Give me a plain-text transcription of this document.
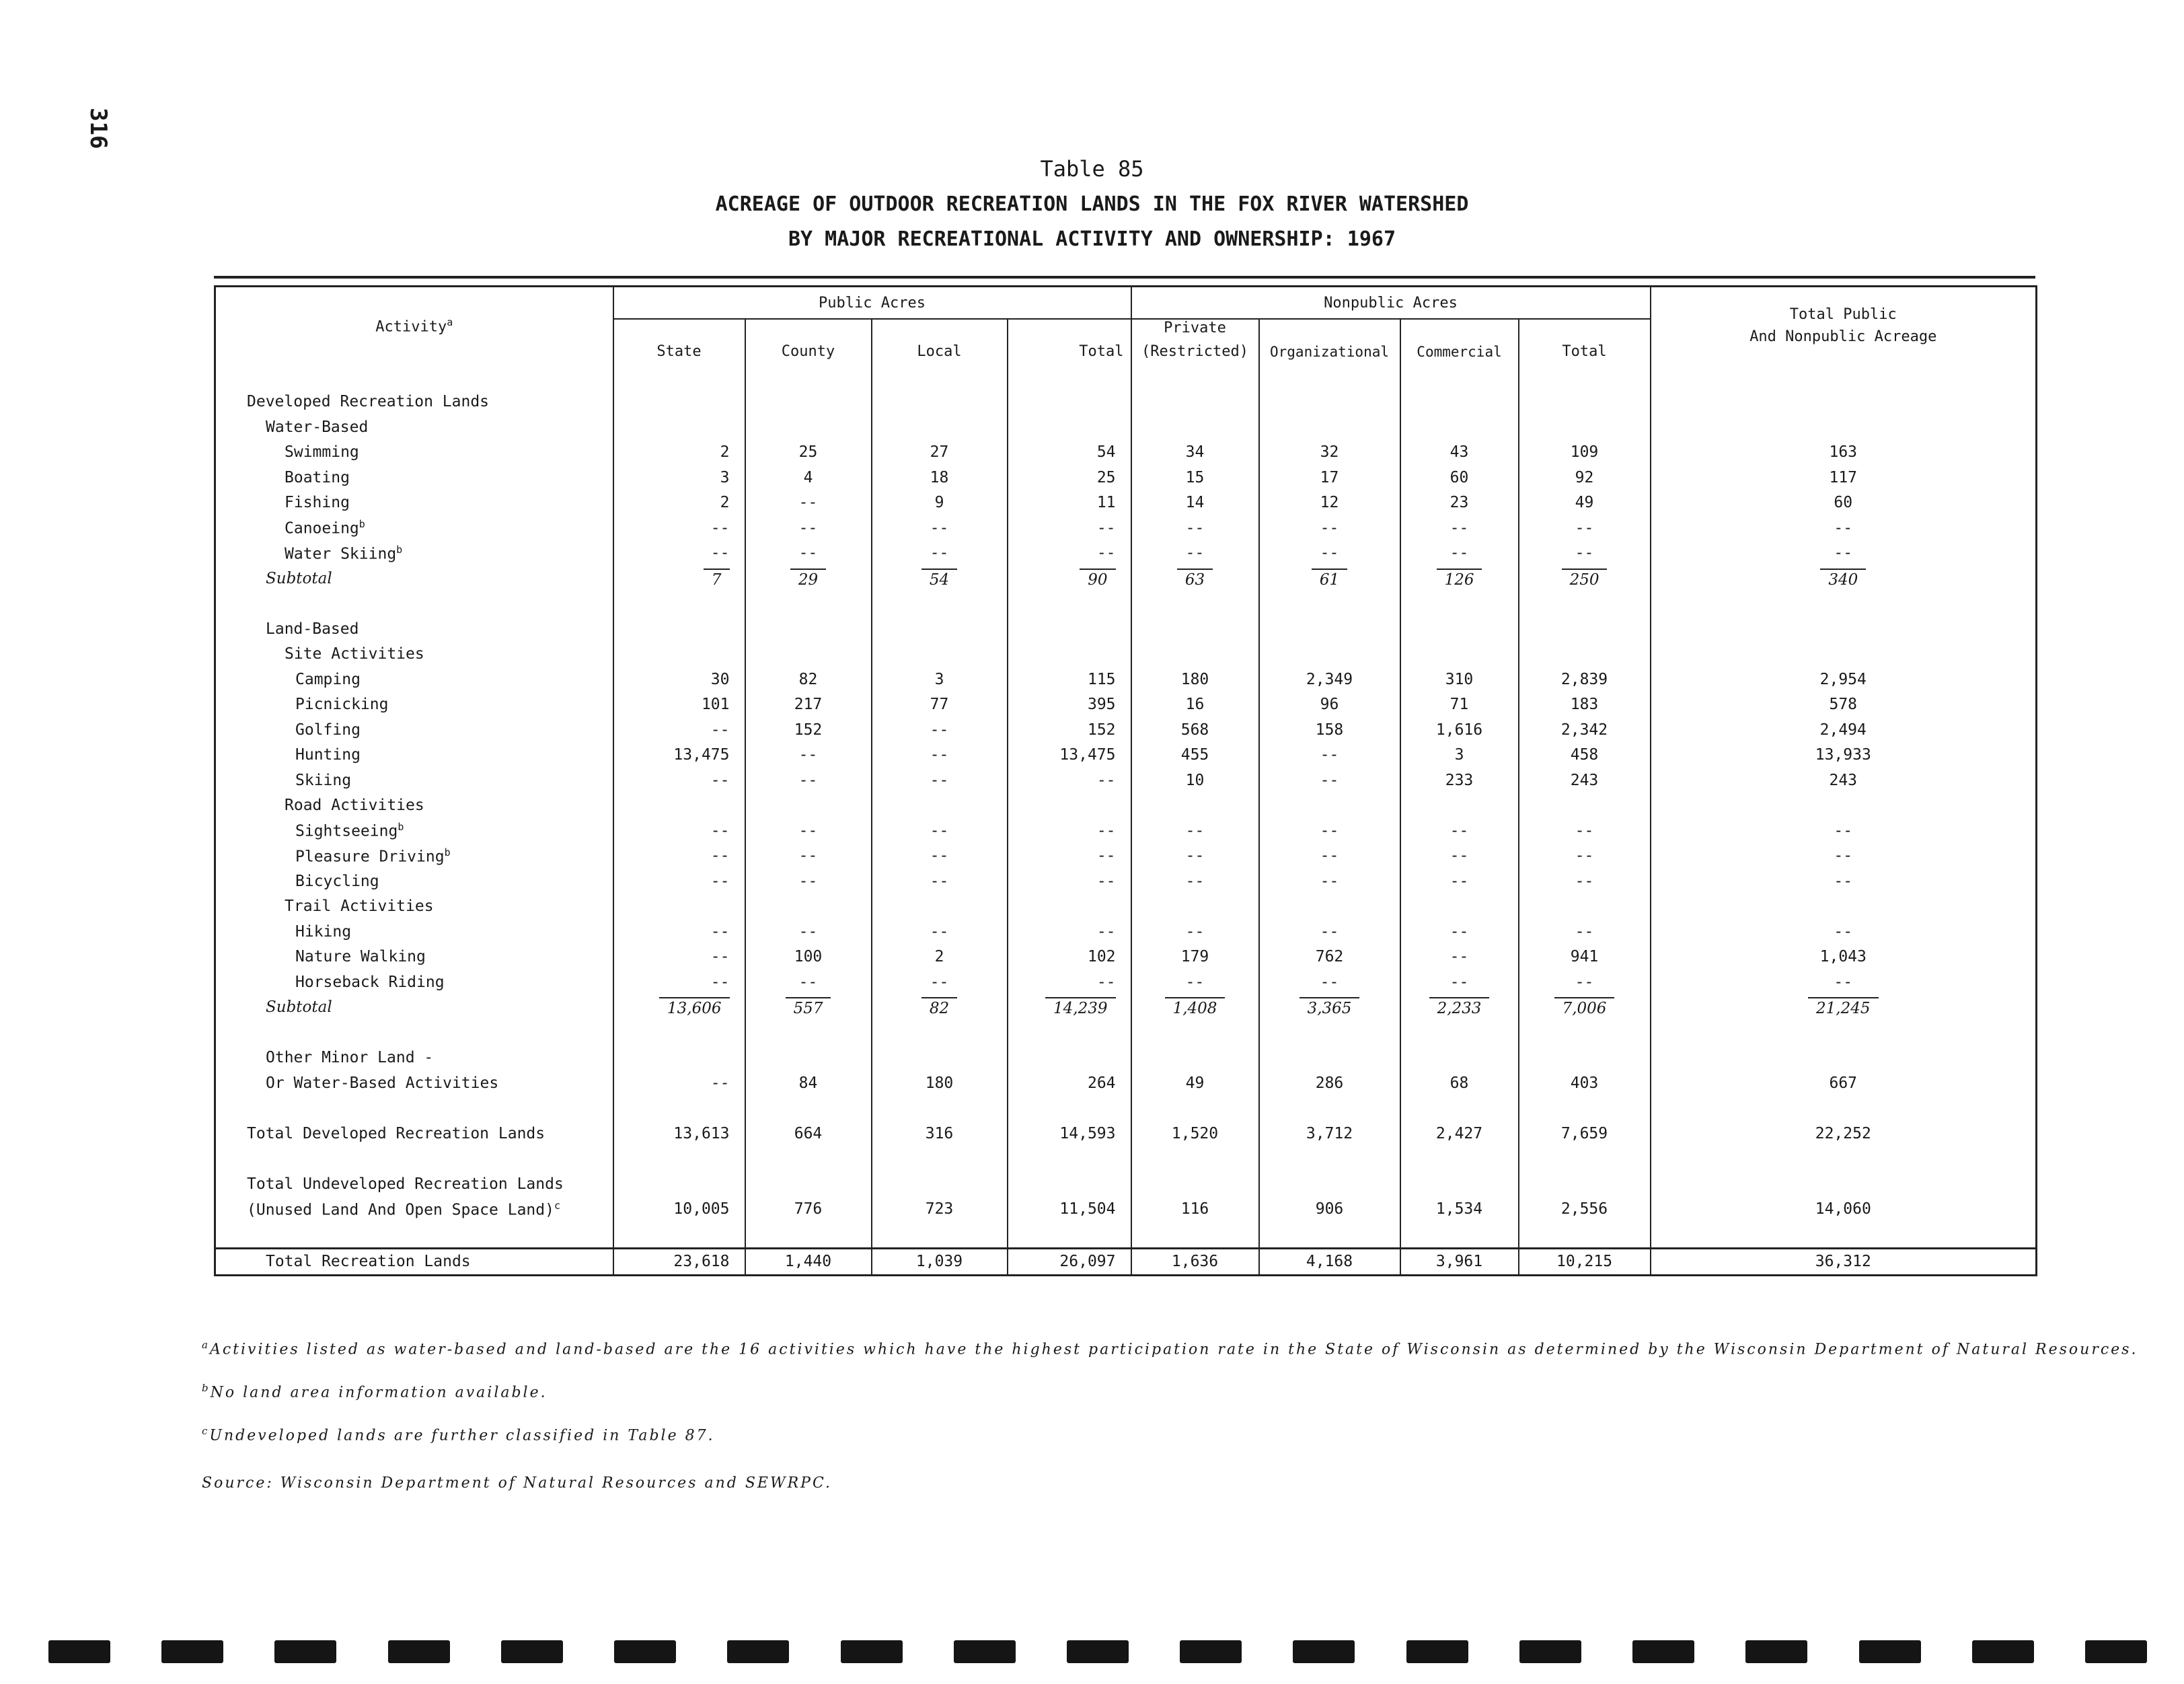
316
Table 85
ACREAGE OF OUTDOOR RECREATION LANDS IN THE FOX RIVER WATERSHED
BY MAJOR RECREATIONAL ACTIVITY AND OWNERSHIP: 1967
Activity$^a$	Public Acres				Nonpublic Acres				Total Public
And Nonpublic Acreage

	State	County	Local	Total	Private
(Restricted)	Organizational	Commercial	Total	

Developed Recreation Lands									
Water-Based									
Swimming	2	25	27	54	34	32	43	109	163
Boating	3	4	18	25	15	17	60	92	117
Fishing	2	--	9	11	14	12	23	49	60
Canoeing$^b$	--	--	--	--	--	--	--	--	--
Water Skiing$^b$	--	--	--	--	--	--	--	--	--
Subtotal	7	29	54	90	63	61	126	250	340

Land-Based									
Site Activities									
Camping	30	82	3	115	180	2,349	310	2,839	2,954
Picnicking	101	217	77	395	16	96	71	183	578
Golfing	--	152	--	152	568	158	1,616	2,342	2,494
Hunting	13,475	--	--	13,475	455	--	3	458	13,933
Skiing	--	--	--	--	10	--	233	243	243
Road Activities									
Sightseeing$^b$	--	--	--	--	--	--	--	--	--
Pleasure Driving$^b$	--	--	--	--	--	--	--	--	--
Bicycling	--	--	--	--	--	--	--	--	--
Trail Activities									
Hiking	--	--	--	--	--	--	--	--	--
Nature Walking	--	100	2	102	179	762	--	941	1,043
Horseback Riding	--	--	--	--	--	--	--	--	--
Subtotal	13,606	557	82	14,239	1,408	3,365	2,233	7,006	21,245

Other Minor Land -									
Or Water-Based Activities	--	84	180	264	49	286	68	403	667

Total Developed Recreation Lands	13,613	664	316	14,593	1,520	3,712	2,427	7,659	22,252

Total Undeveloped Recreation Lands									
(Unused Land And Open Space Land)$^c$	10,005	776	723	11,504	116	906	1,534	2,556	14,060

Total Recreation Lands	23,618	1,440	1,039	26,097	1,636	4,168	3,961	10,215	36,312
$^a$Activities listed as water-based and land-based are the 16 activities which have the highest participation rate in the State of Wisconsin as determined by the Wisconsin Department of Natural Resources.
$^b$No land area information available.
$^c$Undeveloped lands are further classified in Table 87.
Source: Wisconsin Department of Natural Resources and SEWRPC.
